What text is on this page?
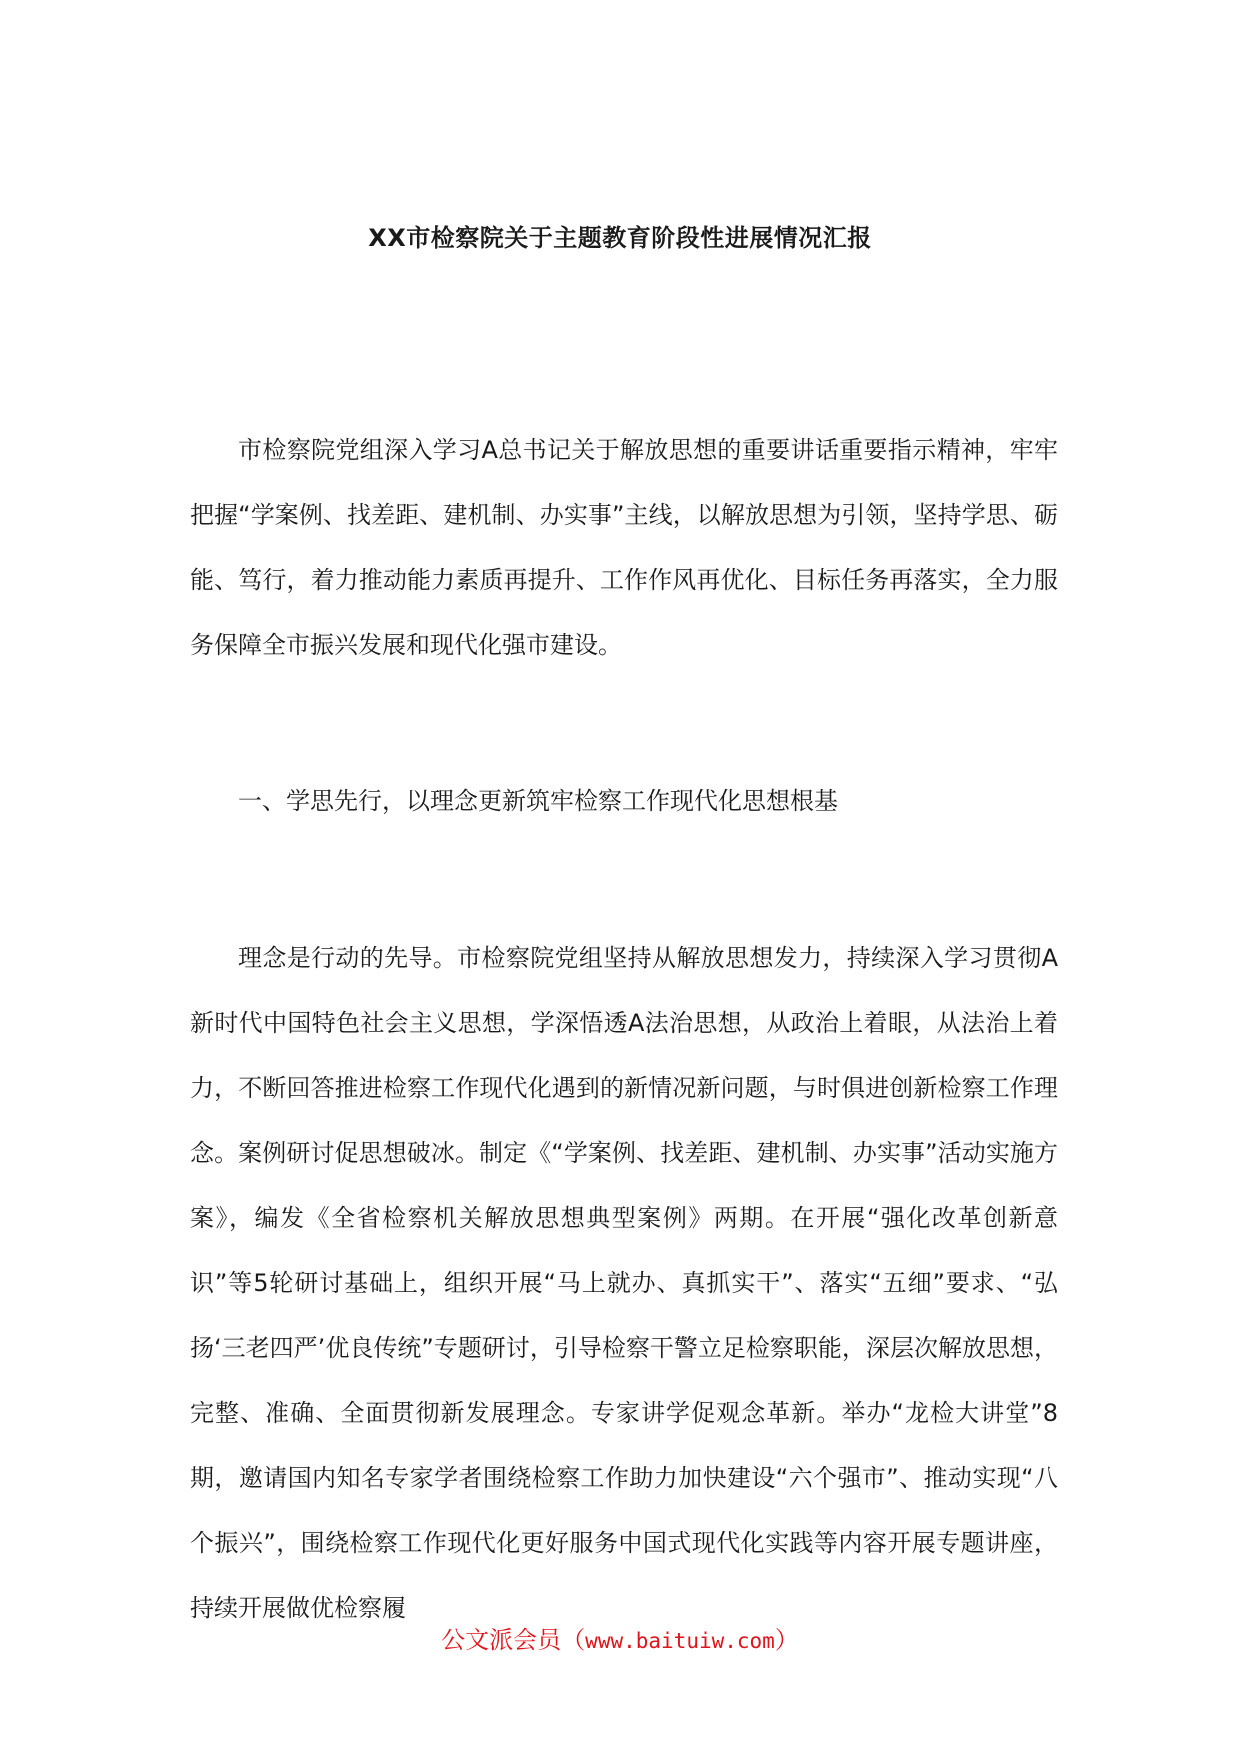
XX市检察院关于主题教育阶段性进展情况汇报

市检察院党组深入学习A总书记关于解放思想的重要讲话重要指示精神，牢牢把握“学案例、找差距、建机制、办实事”主线，以解放思想为引领，坚持学思、砺能、笃行，着力推动能力素质再提升、工作作风再优化、目标任务再落实，全力服务保障全市振兴发展和现代化强市建设。

一、学思先行，以理念更新筑牢检察工作现代化思想根基

理念是行动的先导。市检察院党组坚持从解放思想发力，持续深入学习贯彻A新时代中国特色社会主义思想，学深悟透A法治思想，从政治上着眼，从法治上着力，不断回答推进检察工作现代化遇到的新情况新问题，与时俱进创新检察工作理念。案例研讨促思想破冰。制定《“学案例、找差距、建机制、办实事”活动实施方案》，编发《全省检察机关解放思想典型案例》两期。在开展“强化改革创新意识”等5轮研讨基础上，组织开展“马上就办、真抓实干”、落实“五细”要求、“弘扬‘三老四严’优良传统”专题研讨，引导检察干警立足检察职能，深层次解放思想，完整、准确、全面贯彻新发展理念。专家讲学促观念革新。举办“龙检大讲堂”8期，邀请国内知名专家学者围绕检察工作助力加快建设“六个强市”、推动实现“八个振兴”，围绕检察工作现代化更好服务中国式现代化实践等内容开展专题讲座，持续开展做优检察履

公文派会员（www.baituiw.com）
